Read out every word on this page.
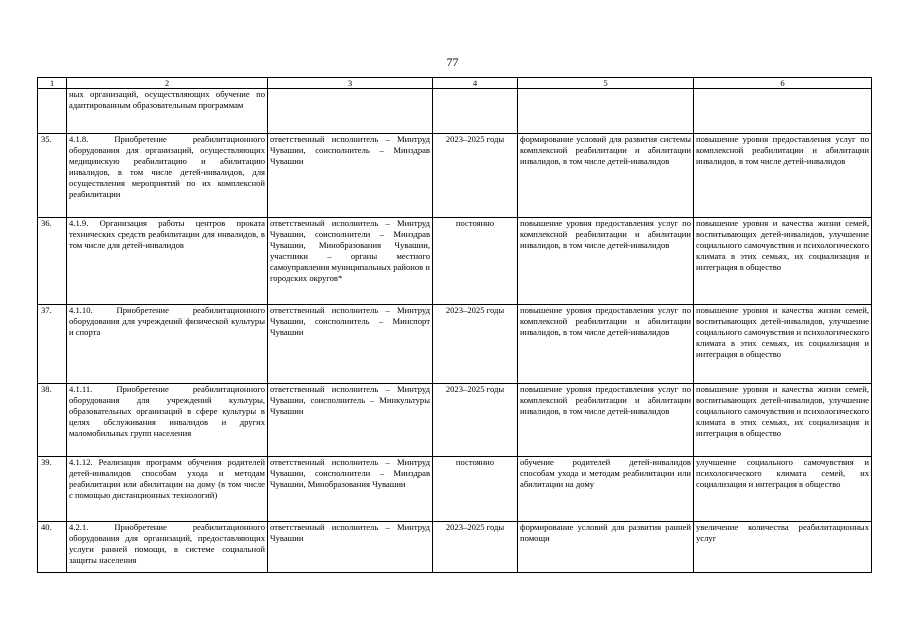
77
1	2	3	4	5	6
	ных организаций, осуществляющих обучение по адаптированным образовательным программам				
35.	4.1.8. Приобретение реабилитационного оборудования для организаций, осуществляющих медицинскую реабилитацию и абилитацию инвалидов, в том числе детей-инвалидов, для осуществления мероприятий по их комплексной реабилитации	ответственный исполнитель – Минтруд Чувашии, соисполнитель – Минздрав Чувашии	2023–2025 годы	формирование условий для развития системы комплексной реабилитации и абилитации инвалидов, в том числе детей-инвалидов	повышение уровня предоставления услуг по комплексной реабилитации и абилитации инвалидов, в том числе детей-инвалидов
36.	4.1.9. Организация работы центров проката технических средств реабилитации для инвалидов, в том числе для детей-инвалидов	ответственный исполнитель – Минтруд Чувашии, соисполнители – Минздрав Чувашии, Минобразования Чувашии, участники – органы местного самоуправления муниципальных районов и городских округов*	постоянно	повышение уровня предоставления услуг по комплексной реабилитации и абилитации инвалидов, в том числе детей-инвалидов	повышение уровня и качества жизни семей, воспитывающих детей-инвалидов, улучшение социального самочувствия и психологического климата в этих семьях, их социализация и интеграция в общество
37.	4.1.10. Приобретение реабилитационного оборудования для учреждений физической культуры и спорта	ответственный исполнитель – Минтруд Чувашии, соисполнитель – Минспорт Чувашии	2023–2025 годы	повышение уровня предоставления услуг по комплексной реабилитации и абилитации инвалидов, в том числе детей-инвалидов	повышение уровня и качества жизни семей, воспитывающих детей-инвалидов, улучшение социального самочувствия и психологического климата в этих семьях, их социализация и интеграция в общество
38.	4.1.11. Приобретение реабилитационного оборудования для учреждений культуры, образовательных организаций в сфере культуры в целях обслуживания инвалидов и других маломобильных групп населения	ответственный исполнитель – Минтруд Чувашии, соисполнитель – Минкультуры Чувашии	2023–2025 годы	повышение уровня предоставления услуг по комплексной реабилитации и абилитации инвалидов, в том числе детей-инвалидов	повышение уровня и качества жизни семей, воспитывающих детей-инвалидов, улучшение социального самочувствия и психологического климата в этих семьях, их социализация и интеграция в общество
39.	4.1.12. Реализация программ обучения родителей детей-инвалидов способам ухода и методам реабилитации или абилитации на дому (в том числе с помощью дистанционных технологий)	ответственный исполнитель – Минтруд Чувашии, соисполнители – Минздрав Чувашии, Минобразования Чувашии	постоянно	обучение родителей детей-инвалидов способам ухода и методам реабилитации или абилитации на дому	улучшение социального самочувствия и психологического климата семей, их социализация и интеграция в общество
40.	4.2.1. Приобретение реабилитационного оборудования для организаций, предоставляющих услуги ранней помощи, в системе социальной защиты населения	ответственный исполнитель – Минтруд Чувашии	2023–2025 годы	формирование условий для развития ранней помощи	увеличение количества реабилитационных услуг
